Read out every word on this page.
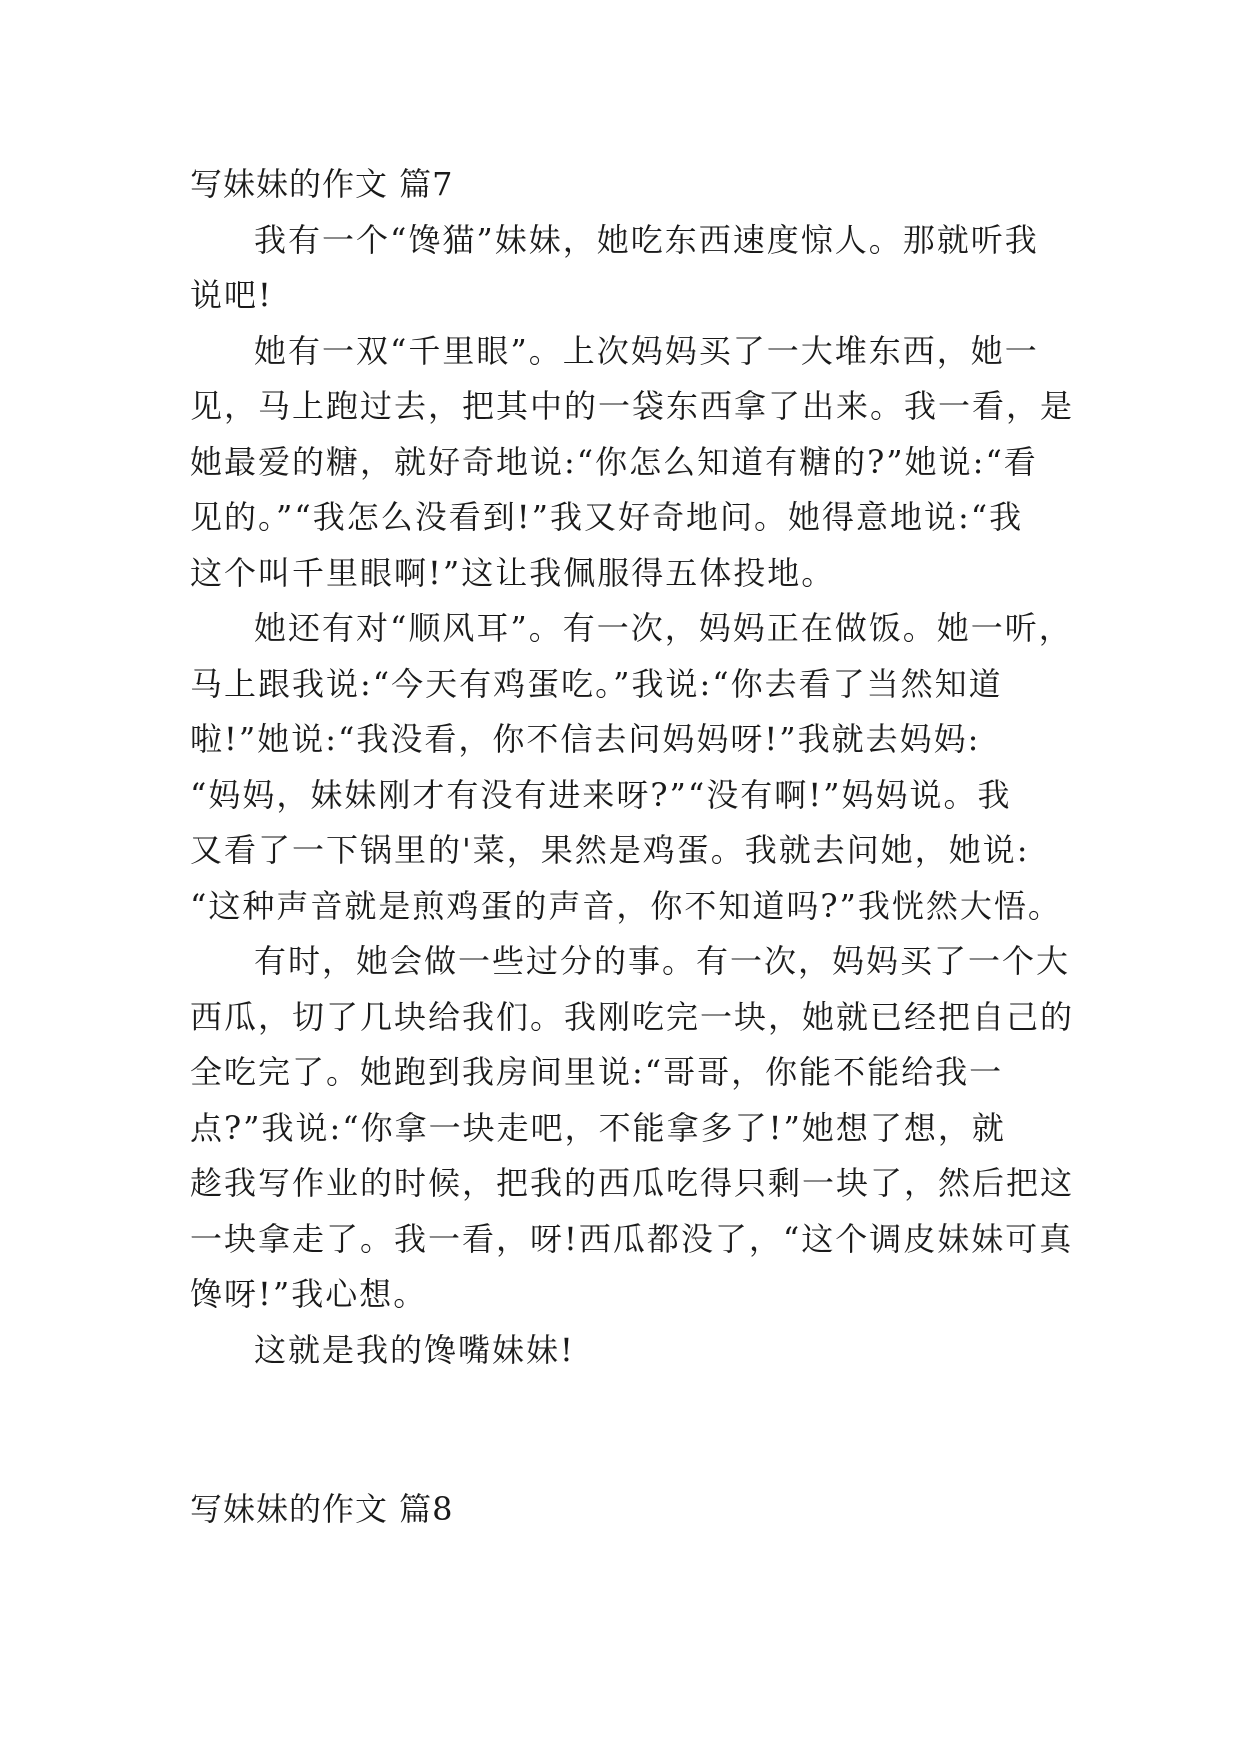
写妹妹的作文 篇7
我有一个“馋猫”妹妹，她吃东西速度惊人。那就听我
说吧!
她有一双“千里眼”。上次妈妈买了一大堆东西，她一
见，马上跑过去，把其中的一袋东西拿了出来。我一看，是
她最爱的糖，就好奇地说:“你怎么知道有糖的?”她说:“看
见的。”“我怎么没看到!”我又好奇地问。她得意地说:“我
这个叫千里眼啊!”这让我佩服得五体投地。
她还有对“顺风耳”。有一次，妈妈正在做饭。她一听，
马上跟我说:“今天有鸡蛋吃。”我说:“你去看了当然知道
啦!”她说:“我没看，你不信去问妈妈呀!”我就去妈妈:
“妈妈，妹妹刚才有没有进来呀?”“没有啊!”妈妈说。我
又看了一下锅里的'菜，果然是鸡蛋。我就去问她，她说:
“这种声音就是煎鸡蛋的声音，你不知道吗?”我恍然大悟。
有时，她会做一些过分的事。有一次，妈妈买了一个大
西瓜，切了几块给我们。我刚吃完一块，她就已经把自己的
全吃完了。她跑到我房间里说:“哥哥，你能不能给我一
点?”我说:“你拿一块走吧，不能拿多了!”她想了想，就
趁我写作业的时候，把我的西瓜吃得只剩一块了，然后把这
一块拿走了。我一看，呀!西瓜都没了，“这个调皮妹妹可真
馋呀!”我心想。
这就是我的馋嘴妹妹!
写妹妹的作文 篇8
